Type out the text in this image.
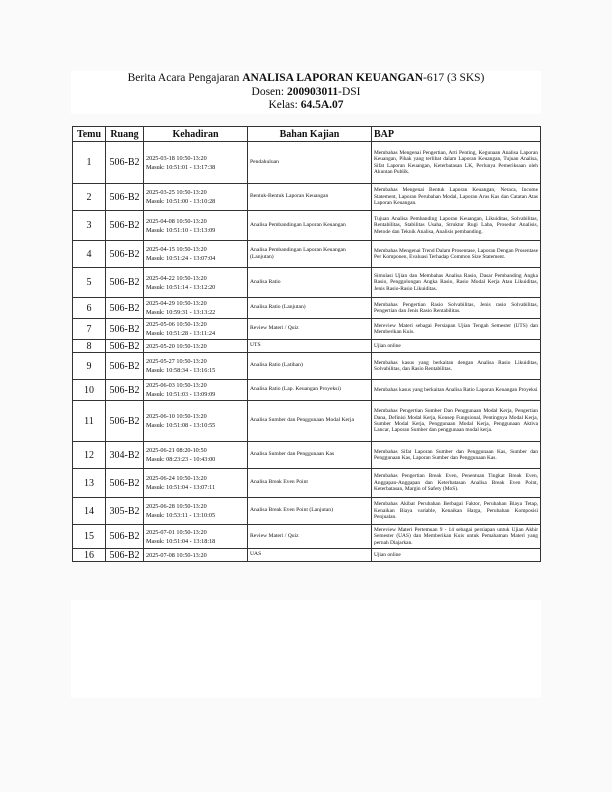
Berita Acara Pengajaran ANALISA LAPORAN KEUANGAN-617 (3 SKS)
Dosen: 200903011-DSI
Kelas: 64.5A.07
Temu	Ruang	Kehadiran	Bahan Kajian	BAP
1	506-B2	2025-03-18 10:50-13:20
Masuk: 10:51:01 - 13:17:38	Pendahuluan	Membahas Mengenai Pengertian, Arti Penting, Kegunaan Analisa Laporan Keuangan, Pihak yang terlibat dalam Laporan Keuangan, Tujuan Analisa, Sifat Laporan Keuangan, Keterbatasan LK, Perlunya Pemeriksaan oleh Akuntan Publik.
2	506-B2	2025-03-25 10:50-13:20
Masuk: 10:51:00 - 13:10:28	Bentuk-Bentuk Laporan Keuangan	Membahas Mengenai Bentuk Laporan Keuangan, Neraca, Income Statement, Laporan Perubahan Modal, Laporan Arus Kas dan Catatan Atas Laporan Keuangan.
3	506-B2	2025-04-08 10:50-13:20
Masuk: 10:51:10 - 13:13:09	Analisa Pembandingan Laporan Keuangan	Tujuan Analisa Pembanding Laporan Keuangan, Likuiditas, Solvabilitas, Rentabilitas, Stabilitas Usaha, Struktur Rugi Laba, Prosedur Analisis, Metode dan Teknik Analisa, Analisis pembanding.
4	506-B2	2025-04-15 10:50-13:20
Masuk: 10:51:24 - 13:07:04	Analisa Pembandingan Laporan Keuangan (Lanjutan)	Membahas Mengenai Trend Dalam Prosentase, Laporan Dengan Prosentase Per Komponen, Evaluasi Terhadap Common Size Statement.
5	506-B2	2025-04-22 10:50-13:20
Masuk: 10:51:14 - 13:12:20	Analisa Ratio	Simulasi Ujian dan Membahas Analisa Rasio, Dasar Pembanding Angka Rasio, Penggolongan Angka Rasio, Rasio Modal Kerja Atau Likuiditas, Jenis Rasio-Rasio Likuiditas.
6	506-B2	2025-04-29 10:50-13:20
Masuk: 10:59:31 - 13:13:22	Analisa Ratio (Lanjutan)	Membahas Pengertian Rasio Solvabilitas, Jenis rasio Solvabilitas, Pengertian dan Jenis Rasio Rentabilitas.
7	506-B2	2025-05-06 10:50-13:20
Masuk: 10:51:28 - 13:11:24	Review Materi / Quiz	Mereview Materi sebagai Persiapan Ujian Tengah Semester (UTS) dan Memberikan Kuis.
8	506-B2	2025-05-20 10:50-13:20	UTS	Ujian online
9	506-B2	2025-05-27 10:50-13:20
Masuk: 10:58:34 - 13:16:15	Analisa Ratio (Latihan)	Membahas kasus yang berkaitan dengan Analisa Rasio Likuiditas, Solvabilitas, dan Rasio Rentabilitas.
10	506-B2	2025-06-03 10:50-13:20
Masuk: 10:51:03 - 13:09:09	Analisa Ratio (Lap. Keuangan Proyeksi)	Membahas kasus yang berkaitan Analisa Ratio Laporan Keuangan Proyeksi
11	506-B2	2025-06-10 10:50-13:20
Masuk: 10:51:08 - 13:10:55	Analisa Sumber dan Penggunaan Modal Kerja	Membahas Pengertian Sumber Dan Penggunaan Modal Kerja, Pengertian Dana, Definisi Modal Kerja, Konsep Fungsional, Pentingnya Modal Kerja, Sumber Modal Kerja, Penggunaan Modal Kerja, Penggunaan Aktiva Lancar, Laporan Sumber dan penggunaan modal kerja.
12	304-B2	2025-06-21 08:20-10:50
Masuk: 08:23:23 - 10:43:00	Analisa Sumber dan Penggunaan Kas	Membahas Sifat Laporan Sumber dan Penggunaan Kas, Sumber dan Penggunaan Kas, Laporan Sumber dan Penggunaan Kas.
13	506-B2	2025-06-24 10:50-13:20
Masuk: 10:51:04 - 13:07:11	Analisa Break Even Point	Membahas Pengertian Break Even, Penentuan Tingkat Break Even, Anggapan-Anggapan dan Keterbatasan Analisa Break Even Point, Keterbatasan, Margin of Safety (MoS).
14	305-B2	2025-06-28 10:50-13:20
Masuk: 10:53:11 - 13:10:05	Analisa Break Even Point (Lanjutan)	Membahas Akibat Perubahan Berbagai Faktor, Perubahan Biaya Tetap, Kenaikan Biaya variable, Kenaikan Harga, Perubahan Komposisi Penjualan.
15	506-B2	2025-07-01 10:50-13:20
Masuk: 10:51:04 - 13:18:18	Review Materi / Quiz	Mereview Materi Pertemuan 9 - 14 sebagai persiapan untuk Ujian Akhir Semester (UAS) dan Memberikan Kuis untuk Pemahaman Materi yang pernah Diajarkan.
16	506-B2	2025-07-08 10:50-13:20	UAS	Ujian online
